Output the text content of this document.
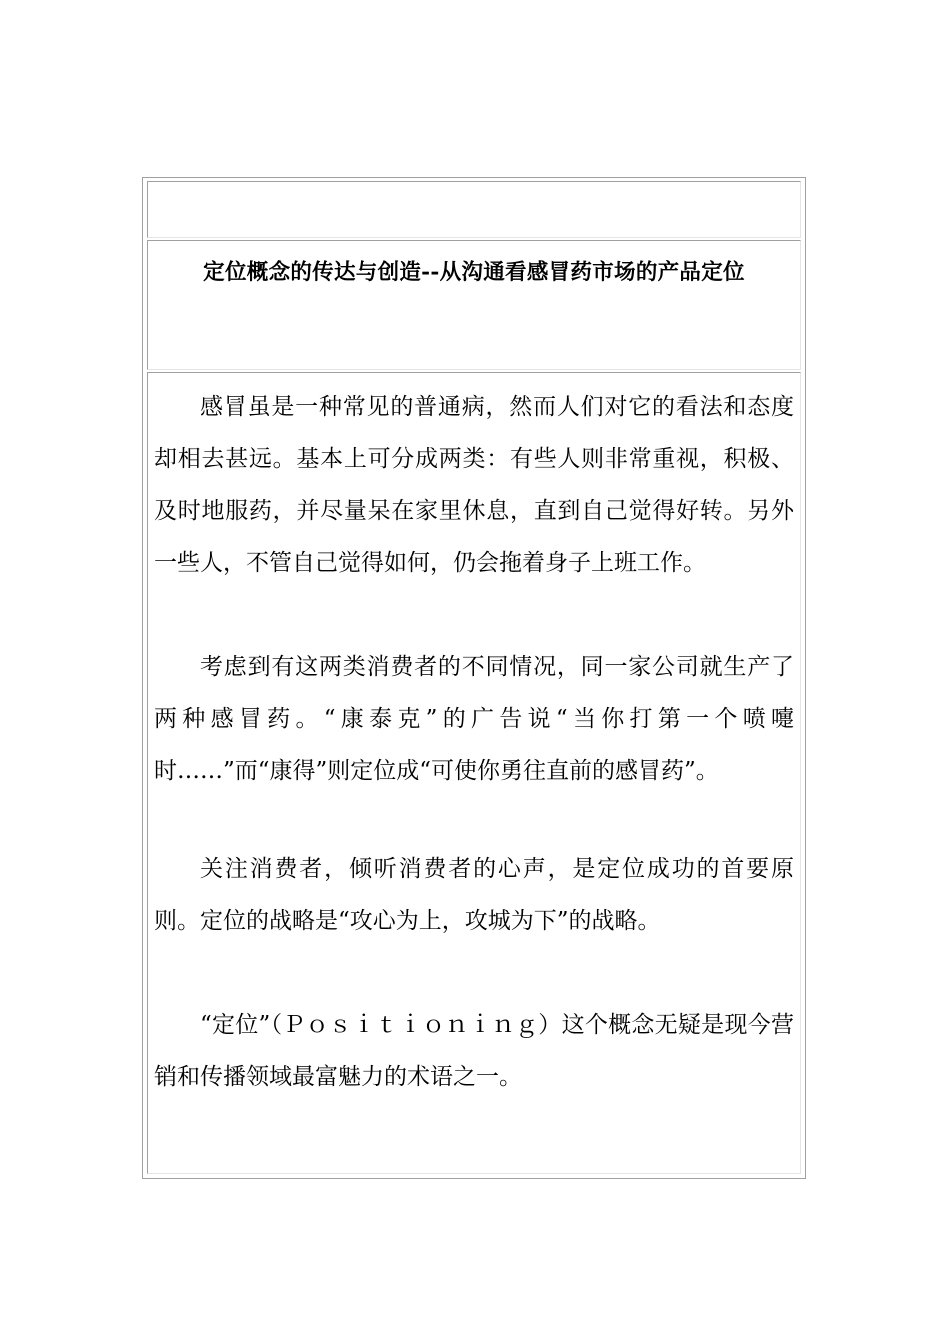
定位概念的传达与创造--从沟通看感冒药市场的产品定位

感冒虽是一种常见的普通病，然而人们对它的看法和态度却相去甚远。基本上可分成两类：有些人则非常重视，积极、及时地服药，并尽量呆在家里休息，直到自己觉得好转。另外一些人，不管自己觉得如何，仍会拖着身子上班工作。

考虑到有这两类消费者的不同情况，同一家公司就生产了两种感冒药。“康泰克”的广告说“当你打第一个喷嚏时……”而“康得”则定位成“可使你勇往直前的感冒药”。

关注消费者，倾听消费者的心声，是定位成功的首要原则。定位的战略是“攻心为上，攻城为下”的战略。

“定位”（Ｐｏｓｉｔｉｏｎｉｎｇ）这个概念无疑是现今营销和传播领域最富魅力的术语之一。
